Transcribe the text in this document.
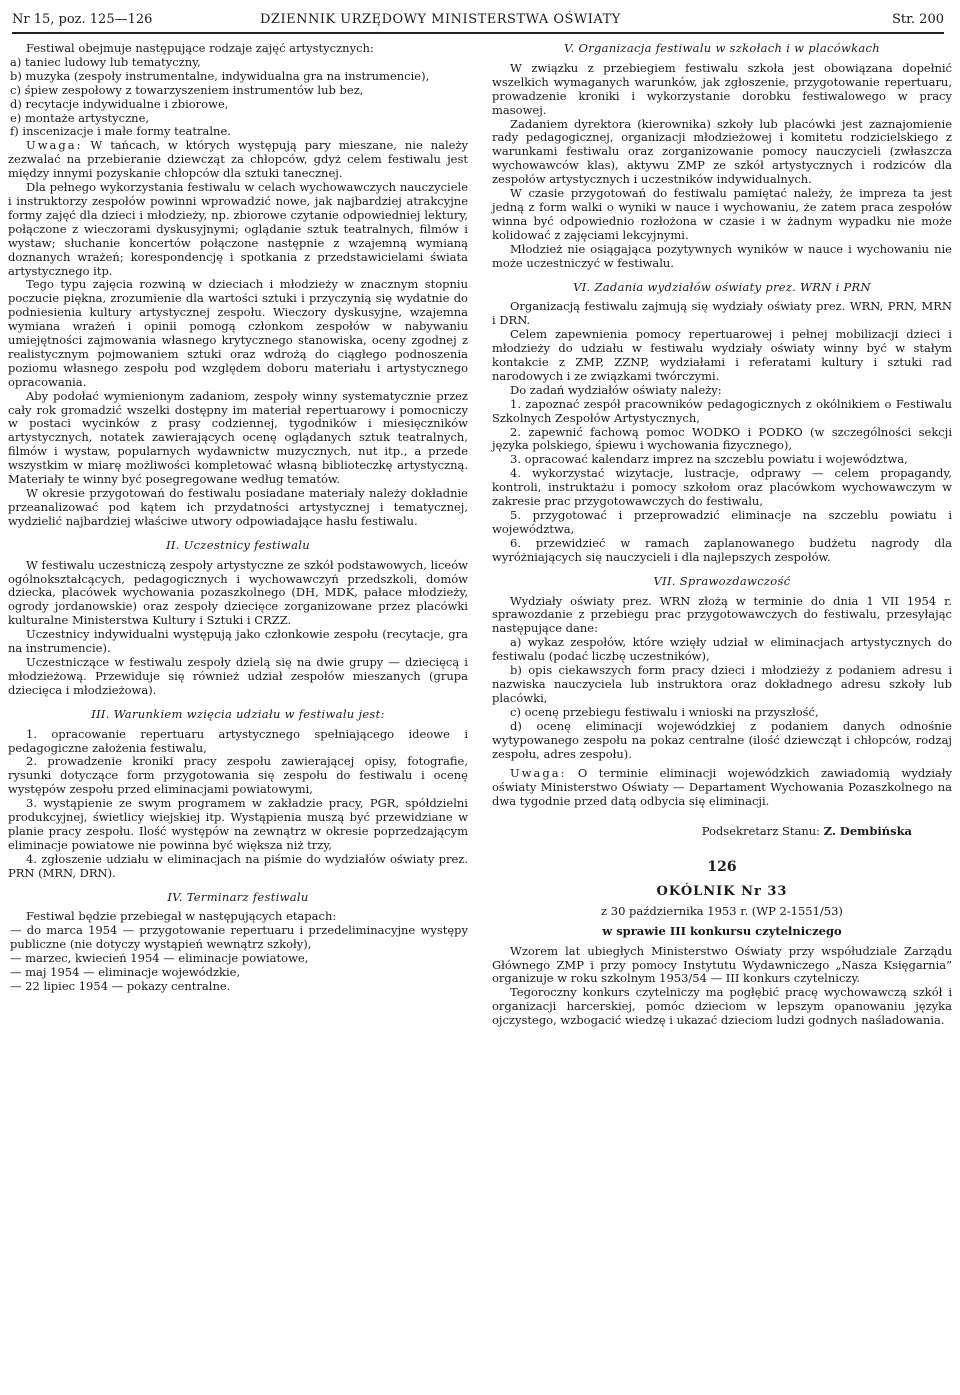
Nr 15, poz. 125—126	DZIENNIK URZĘDOWY MINISTERSTWA OŚWIATY	Str. 200

Festiwal obejmuje następujące rodzaje zajęć artystycznych:

a) taniec ludowy lub tematyczny,

b) muzyka (zespoły instrumentalne, indywidualna gra na instrumencie),

c) śpiew zespołowy z towarzyszeniem instrumentów lub bez,

d) recytacje indywidualne i zbiorowe,

e) montaże artystyczne,

f) inscenizacje i małe formy teatralne.

Uwaga: W tańcach, w których występują pary mieszane, nie należy zezwalać na przebieranie dziewcząt za chłopców, gdyż celem festiwalu jest między innymi pozyskanie chłopców dla sztuki tanecznej.

Dla pełnego wykorzystania festiwalu w celach wychowawczych nauczyciele i instruktorzy zespołów powinni wprowadzić nowe, jak najbardziej atrakcyjne formy zajęć dla dzieci i młodzieży, np. zbiorowe czytanie odpowiedniej lektury, połączone z wieczorami dyskusyjnymi; oglądanie sztuk teatralnych, filmów i wystaw; słuchanie koncertów połączone następnie z wzajemną wymianą doznanych wrażeń; korespondencję i spotkania z przedstawicielami świata artystycznego itp.

Tego typu zajęcia rozwiną w dzieciach i młodzieży w znacznym stopniu poczucie piękna, zrozumienie dla wartości sztuki i przyczynią się wydatnie do podniesienia kultury artystycznej zespołu. Wieczory dyskusyjne, wzajemna wymiana wrażeń i opinii pomogą członkom zespołów w nabywaniu umiejętności zajmowania własnego krytycznego stanowiska, oceny zgodnej z realistycznym pojmowaniem sztuki oraz wdrożą do ciągłego podnoszenia poziomu własnego zespołu pod względem doboru materiału i artystycznego opracowania.

Aby podołać wymienionym zadaniom, zespoły winny systematycznie przez cały rok gromadzić wszelki dostępny im materiał repertuarowy i pomocniczy w postaci wycinków z prasy codziennej, tygodników i miesięczników artystycznych, notatek zawierających ocenę oglądanych sztuk teatralnych, filmów i wystaw, popularnych wydawnictw muzycznych, nut itp., a przede wszystkim w miarę możliwości kompletować własną biblioteczkę artystyczną. Materiały te winny być posegregowane według tematów.

W okresie przygotowań do festiwalu posiadane materiały należy dokładnie przeanalizować pod kątem ich przydatności artystycznej i tematycznej, wydzielić najbardziej właściwe utwory odpowiadające hasłu festiwalu.

II. Uczestnicy festiwalu

W festiwalu uczestniczą zespoły artystyczne ze szkół podstawowych, liceów ogólnokształcących, pedagogicznych i wychowawczyń przedszkoli, domów dziecka, placówek wychowania pozaszkolnego (DH, MDK, pałace młodzieży, ogrody jordanowskie) oraz zespoły dziecięce zorganizowane przez placówki kulturalne Ministerstwa Kultury i Sztuki i CRZZ.

Uczestnicy indywidualni występują jako członkowie zespołu (recytacje, gra na instrumencie).

Uczestniczące w festiwalu zespoły dzielą się na dwie grupy — dziecięcą i młodzieżową. Przewiduje się również udział zespołów mieszanych (grupa dziecięca i młodzieżowa).

III. Warunkiem wzięcia udziału w festiwalu jest:

1. opracowanie repertuaru artystycznego spełniającego ideowe i pedagogiczne założenia festiwalu,

2. prowadzenie kroniki pracy zespołu zawierającej opisy, fotografie, rysunki dotyczące form przygotowania się zespołu do festiwalu i ocenę występów zespołu przed eliminacjami powiatowymi,

3. wystąpienie ze swym programem w zakładzie pracy, PGR, spółdzielni produkcyjnej, świetlicy wiejskiej itp. Wystąpienia muszą być przewidziane w planie pracy zespołu. Ilość występów na zewnątrz w okresie poprzedzającym eliminacje powiatowe nie powinna być większa niż trzy,

4. zgłoszenie udziału w eliminacjach na piśmie do wydziałów oświaty prez. PRN (MRN, DRN).

IV. Terminarz festiwalu

Festiwal będzie przebiegał w następujących etapach:

— do marca 1954 — przygotowanie repertuaru i przedeliminacyjne występy publiczne (nie dotyczy wystąpień wewnątrz szkoły),

— marzec, kwiecień 1954 — eliminacje powiatowe,

— maj 1954 — eliminacje wojewódzkie,

— 22 lipiec 1954 — pokazy centralne.

V. Organizacja festiwalu w szkołach i w placówkach

W związku z przebiegiem festiwalu szkoła jest obowiązana dopełnić wszelkich wymaganych warunków, jak zgłoszenie, przygotowanie repertuaru, prowadzenie kroniki i wykorzystanie dorobku festiwalowego w pracy masowej.

Zadaniem dyrektora (kierownika) szkoły lub placówki jest zaznajomienie rady pedagogicznej, organizacji młodzieżowej i komitetu rodzicielskiego z warunkami festiwalu oraz zorganizowanie pomocy nauczycieli (zwłaszcza wychowawców klas), aktywu ZMP ze szkół artystycznych i rodziców dla zespołów artystycznych i uczestników indywidualnych.

W czasie przygotowań do festiwalu pamiętać należy, że impreza ta jest jedną z form walki o wyniki w nauce i wychowaniu, że zatem praca zespołów winna być odpowiednio rozłożona w czasie i w żadnym wypadku nie może kolidować z zajęciami lekcyjnymi.

Młodzież nie osiągająca pozytywnych wyników w nauce i wychowaniu nie może uczestniczyć w festiwalu.

VI. Zadania wydziałów oświaty prez. WRN i PRN

Organizacją festiwalu zajmują się wydziały oświaty prez. WRN, PRN, MRN i DRN.

Celem zapewnienia pomocy repertuarowej i pełnej mobilizacji dzieci i młodzieży do udziału w festiwalu wydziały oświaty winny być w stałym kontakcie z ZMP, ZZNP, wydziałami i referatami kultury i sztuki rad narodowych i ze związkami twórczymi.

Do zadań wydziałów oświaty należy:

1. zapoznać zespół pracowników pedagogicznych z okólnikiem o Festiwalu Szkolnych Zespołów Artystycznych,

2. zapewnić fachową pomoc WODKO i PODKO (w szczególności sekcji języka polskiego, śpiewu i wychowania fizycznego),

3. opracować kalendarz imprez na szczeblu powiatu i województwa,

4. wykorzystać wizytacje, lustracje, odprawy — celem propagandy, kontroli, instruktażu i pomocy szkołom oraz placówkom wychowawczym w zakresie prac przygotowawczych do festiwalu,

5. przygotować i przeprowadzić eliminacje na szczeblu powiatu i województwa,

6. przewidzieć w ramach zaplanowanego budżetu nagrody dla wyróżniających się nauczycieli i dla najlepszych zespołów.

VII. Sprawozdawczość

Wydziały oświaty prez. WRN złożą w terminie do dnia 1 VII 1954 r. sprawozdanie z przebiegu prac przygotowawczych do festiwalu, przesyłając następujące dane:

a) wykaz zespołów, które wzięły udział w eliminacjach artystycznych do festiwalu (podać liczbę uczestników),

b) opis ciekawszych form pracy dzieci i młodzieży z podaniem adresu i nazwiska nauczyciela lub instruktora oraz dokładnego adresu szkoły lub placówki,

c) ocenę przebiegu festiwalu i wnioski na przyszłość,

d) ocenę eliminacji wojewódzkiej z podaniem danych odnośnie wytypowanego zespołu na pokaz centralne (ilość dziewcząt i chłopców, rodzaj zespołu, adres zespołu).

Uwaga: O terminie eliminacji wojewódzkich zawiadomią wydziały oświaty Ministerstwo Oświaty — Departament Wychowania Pozaszkolnego na dwa tygodnie przed datą odbycia się eliminacji.

Podsekretarz Stanu: Z. Dembińska

126

OKÓLNIK Nr 33

z 30 października 1953 r. (WP 2-1551/53)

w sprawie III konkursu czytelniczego

Wzorem lat ubiegłych Ministerstwo Oświaty przy współudziale Zarządu Głównego ZMP i przy pomocy Instytutu Wydawniczego „Nasza Księgarnia” organizuje w roku szkolnym 1953/54 — III konkurs czytelniczy.

Tegoroczny konkurs czytelniczy ma pogłębić pracę wychowawczą szkół i organizacji harcerskiej, pomóc dzieciom w lepszym opanowaniu języka ojczystego, wzbogacić wiedzę i ukazać dzieciom ludzi godnych naśladowania.
